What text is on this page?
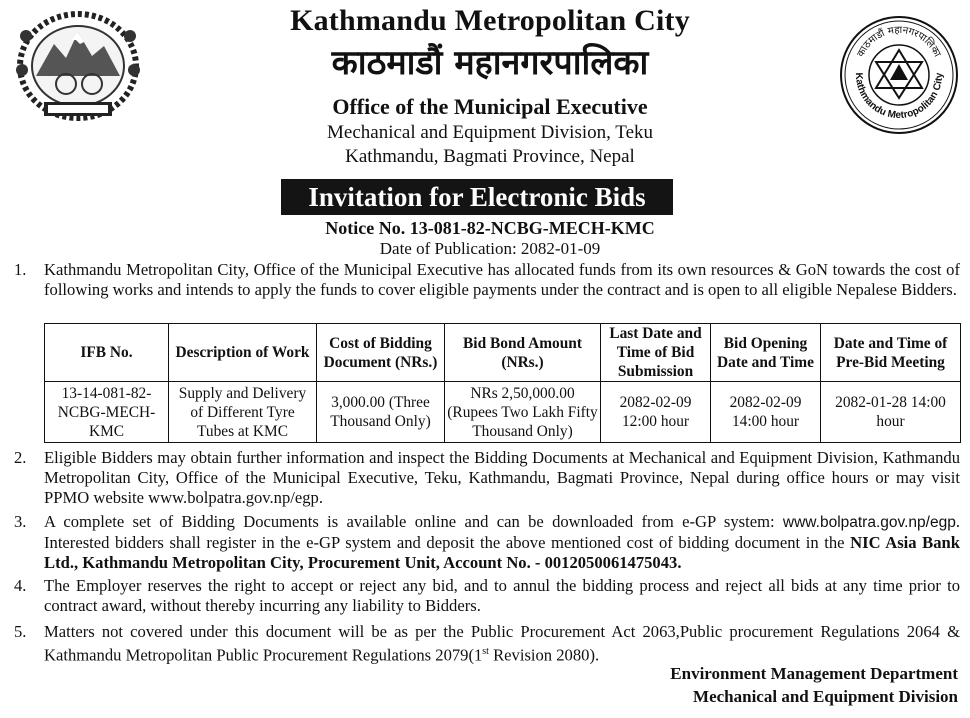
Kathmandu Metropolitan City
काठमाडौं महानगरपालिका
Office of the Municipal Executive
Mechanical and Equipment Division, Teku
Kathmandu, Bagmati Province, Nepal
Kathmandu Metropolitan City
काठमाडौं महानगरपालिका
Invitation for Electronic Bids
Notice No. 13-081-82-NCBG-MECH-KMC
Date of Publication: 2082-01-09
1. Kathmandu Metropolitan City, Office of the Municipal Executive has allocated funds from its own resources & GoN towards the cost of following works and intends to apply the funds to cover eligible payments under the contract and is open to all eligible Nepalese Bidders.
IFB No.	Description of Work	Cost of Bidding Document (NRs.)	Bid Bond Amount (NRs.)	Last Date and Time of Bid Submission	Bid Opening Date and Time	Date and Time of Pre-Bid Meeting
13-14-081-82-NCBG-MECH-KMC	Supply and Delivery of Different Tyre Tubes at KMC	3,000.00 (Three Thousand Only)	NRs 2,50,000.00 (Rupees Two Lakh Fifty Thousand Only)	2082-02-09 12:00 hour	2082-02-09 14:00 hour	2082-01-28 14:00 hour
2. Eligible Bidders may obtain further information and inspect the Bidding Documents at Mechanical and Equipment Division, Kathmandu Metropolitan City, Office of the Municipal Executive, Teku, Kathmandu, Bagmati Province, Nepal during office hours or may visit PPMO website www.bolpatra.gov.np/egp.
3. A complete set of Bidding Documents is available online and can be downloaded from e-GP system: www.bolpatra.gov.np/egp. Interested bidders shall register in the e-GP system and deposit the above mentioned cost of bidding document in the NIC Asia Bank Ltd., Kathmandu Metropolitan City, Procurement Unit, Account No. - 0012050061475043.
4. The Employer reserves the right to accept or reject any bid, and to annul the bidding process and reject all bids at any time prior to contract award, without thereby incurring any liability to Bidders.
5. Matters not covered under this document will be as per the Public Procurement Act 2063,Public procurement Regulations 2064 & Kathmandu Metropolitan Public Procurement Regulations 2079(1st Revision 2080).
Environment Management Department
Mechanical and Equipment Division
